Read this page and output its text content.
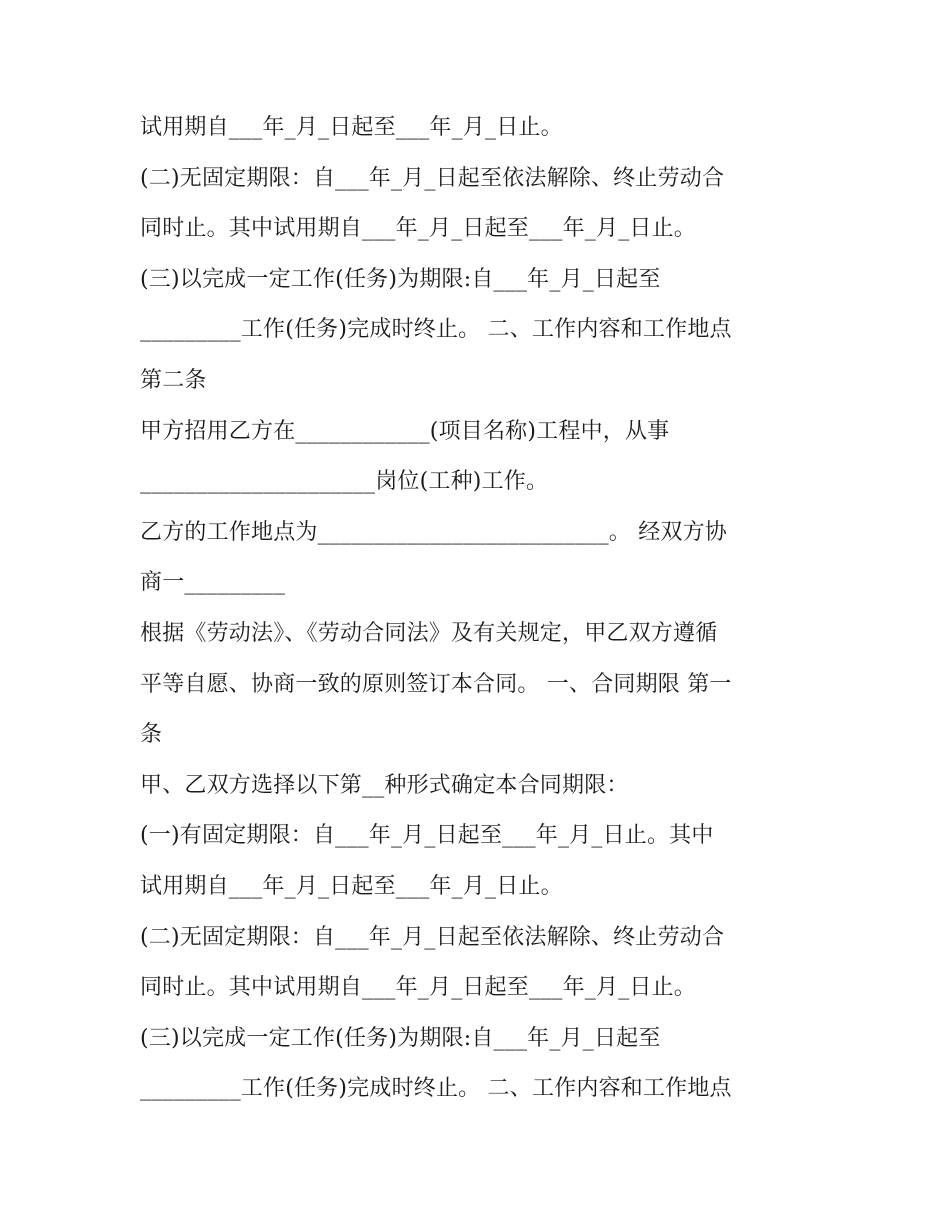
试用期自___年_月_日起至___年_月_日止。
(二)无固定期限：自___年_月_日起至依法解除、终止劳动合
同时止。其中试用期自___年_月_日起至___年_月_日止。
(三)以完成一定工作(任务)为期限:自___年_月_日起至
_________工作(任务)完成时终止。 二、工作内容和工作地点
第二条
甲方招用乙方在____________(项目名称)工程中，从事
_____________________岗位(工种)工作。
乙方的工作地点为__________________________。 经双方协
商一_________
根据《劳动法》、《劳动合同法》及有关规定，甲乙双方遵循
平等自愿、协商一致的原则签订本合同。 一、合同期限 第一
条
甲、乙双方选择以下第__种形式确定本合同期限：
(一)有固定期限：自___年_月_日起至___年_月_日止。其中
试用期自___年_月_日起至___年_月_日止。
(二)无固定期限：自___年_月_日起至依法解除、终止劳动合
同时止。其中试用期自___年_月_日起至___年_月_日止。
(三)以完成一定工作(任务)为期限:自___年_月_日起至
_________工作(任务)完成时终止。 二、工作内容和工作地点
